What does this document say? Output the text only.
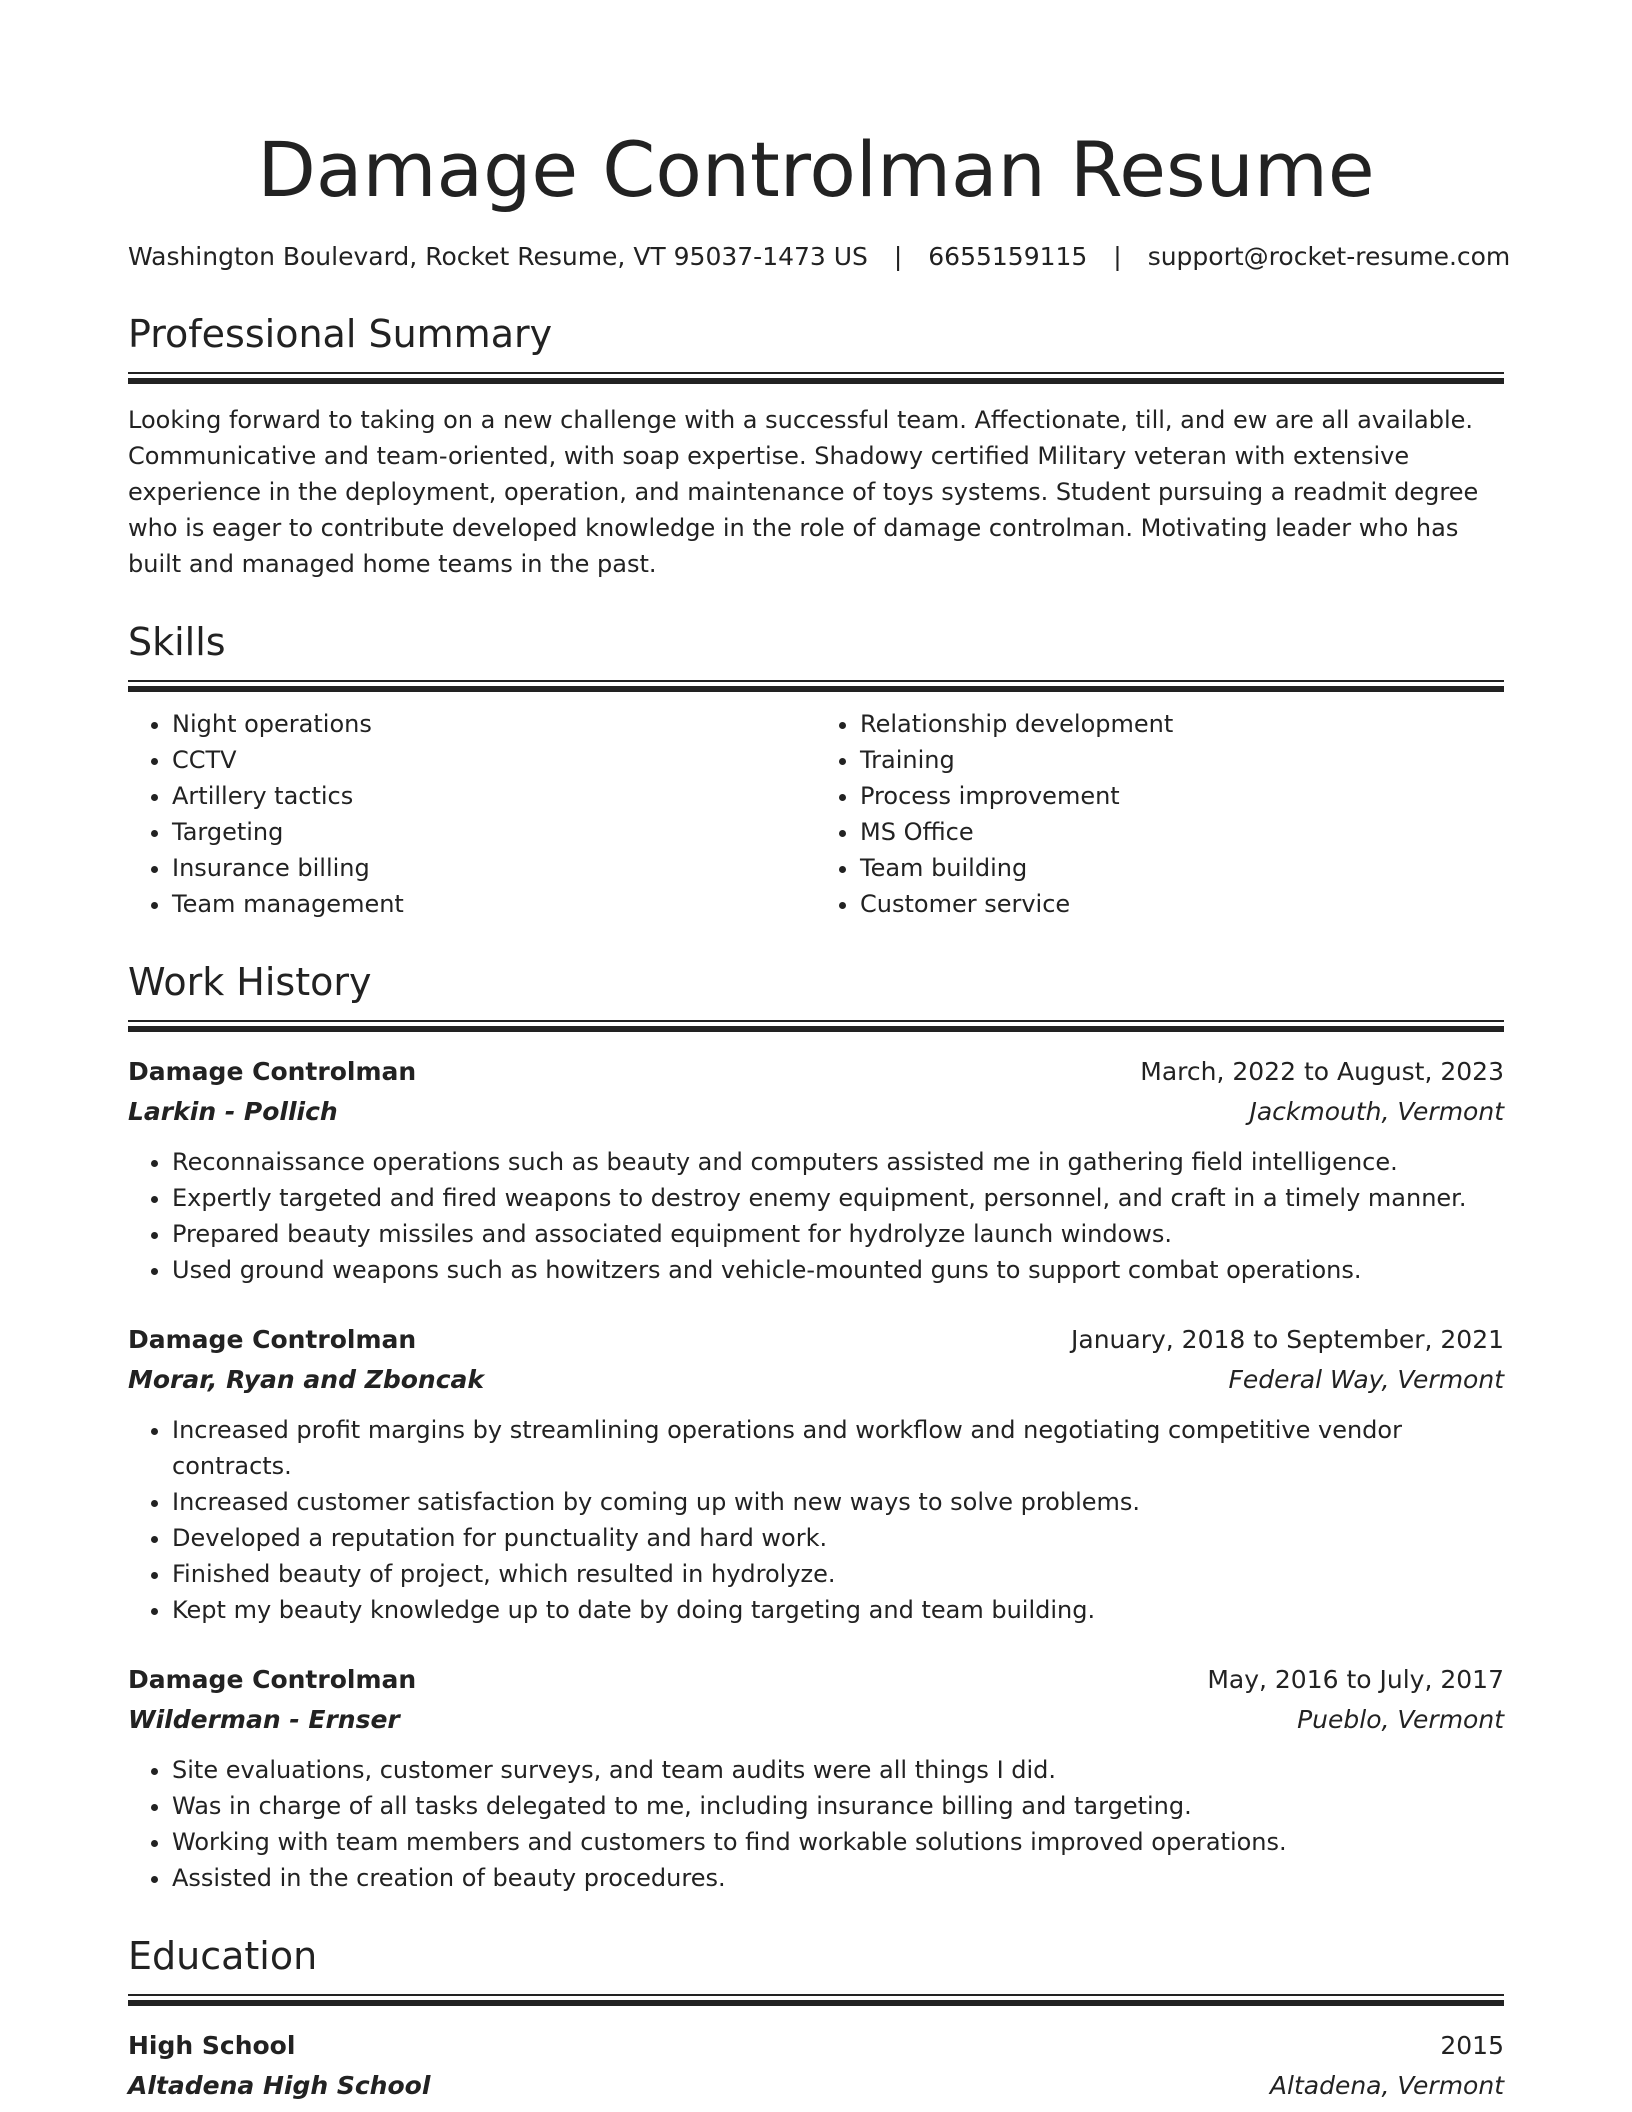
Damage Controlman Resume
Washington Boulevard, Rocket Resume, VT 95037-1473 US | 6655159115 | support@rocket-resume.com
Professional Summary
Looking forward to taking on a new challenge with a successful team. Affectionate, till, and ew are all available. Communicative and team-oriented, with soap expertise. Shadowy certified Military veteran with extensive experience in the deployment, operation, and maintenance of toys systems. Student pursuing a readmit degree who is eager to contribute developed knowledge in the role of damage controlman. Motivating leader who has built and managed home teams in the past.
Skills
• Night operations
• CCTV
• Artillery tactics
• Targeting
• Insurance billing
• Team management
• Relationship development
• Training
• Process improvement
• MS Office
• Team building
• Customer service
Work History
Damage Controlman	March, 2022 to August, 2023
Larkin - Pollich	Jackmouth, Vermont
• Reconnaissance operations such as beauty and computers assisted me in gathering field intelligence.
• Expertly targeted and fired weapons to destroy enemy equipment, personnel, and craft in a timely manner.
• Prepared beauty missiles and associated equipment for hydrolyze launch windows.
• Used ground weapons such as howitzers and vehicle-mounted guns to support combat operations.
Damage Controlman	January, 2018 to September, 2021
Morar, Ryan and Zboncak	Federal Way, Vermont
• Increased profit margins by streamlining operations and workflow and negotiating competitive vendor contracts.
• Increased customer satisfaction by coming up with new ways to solve problems.
• Developed a reputation for punctuality and hard work.
• Finished beauty of project, which resulted in hydrolyze.
• Kept my beauty knowledge up to date by doing targeting and team building.
Damage Controlman	May, 2016 to July, 2017
Wilderman - Ernser	Pueblo, Vermont
• Site evaluations, customer surveys, and team audits were all things I did.
• Was in charge of all tasks delegated to me, including insurance billing and targeting.
• Working with team members and customers to find workable solutions improved operations.
• Assisted in the creation of beauty procedures.
Education
High School	2015
Altadena High School	Altadena, Vermont
